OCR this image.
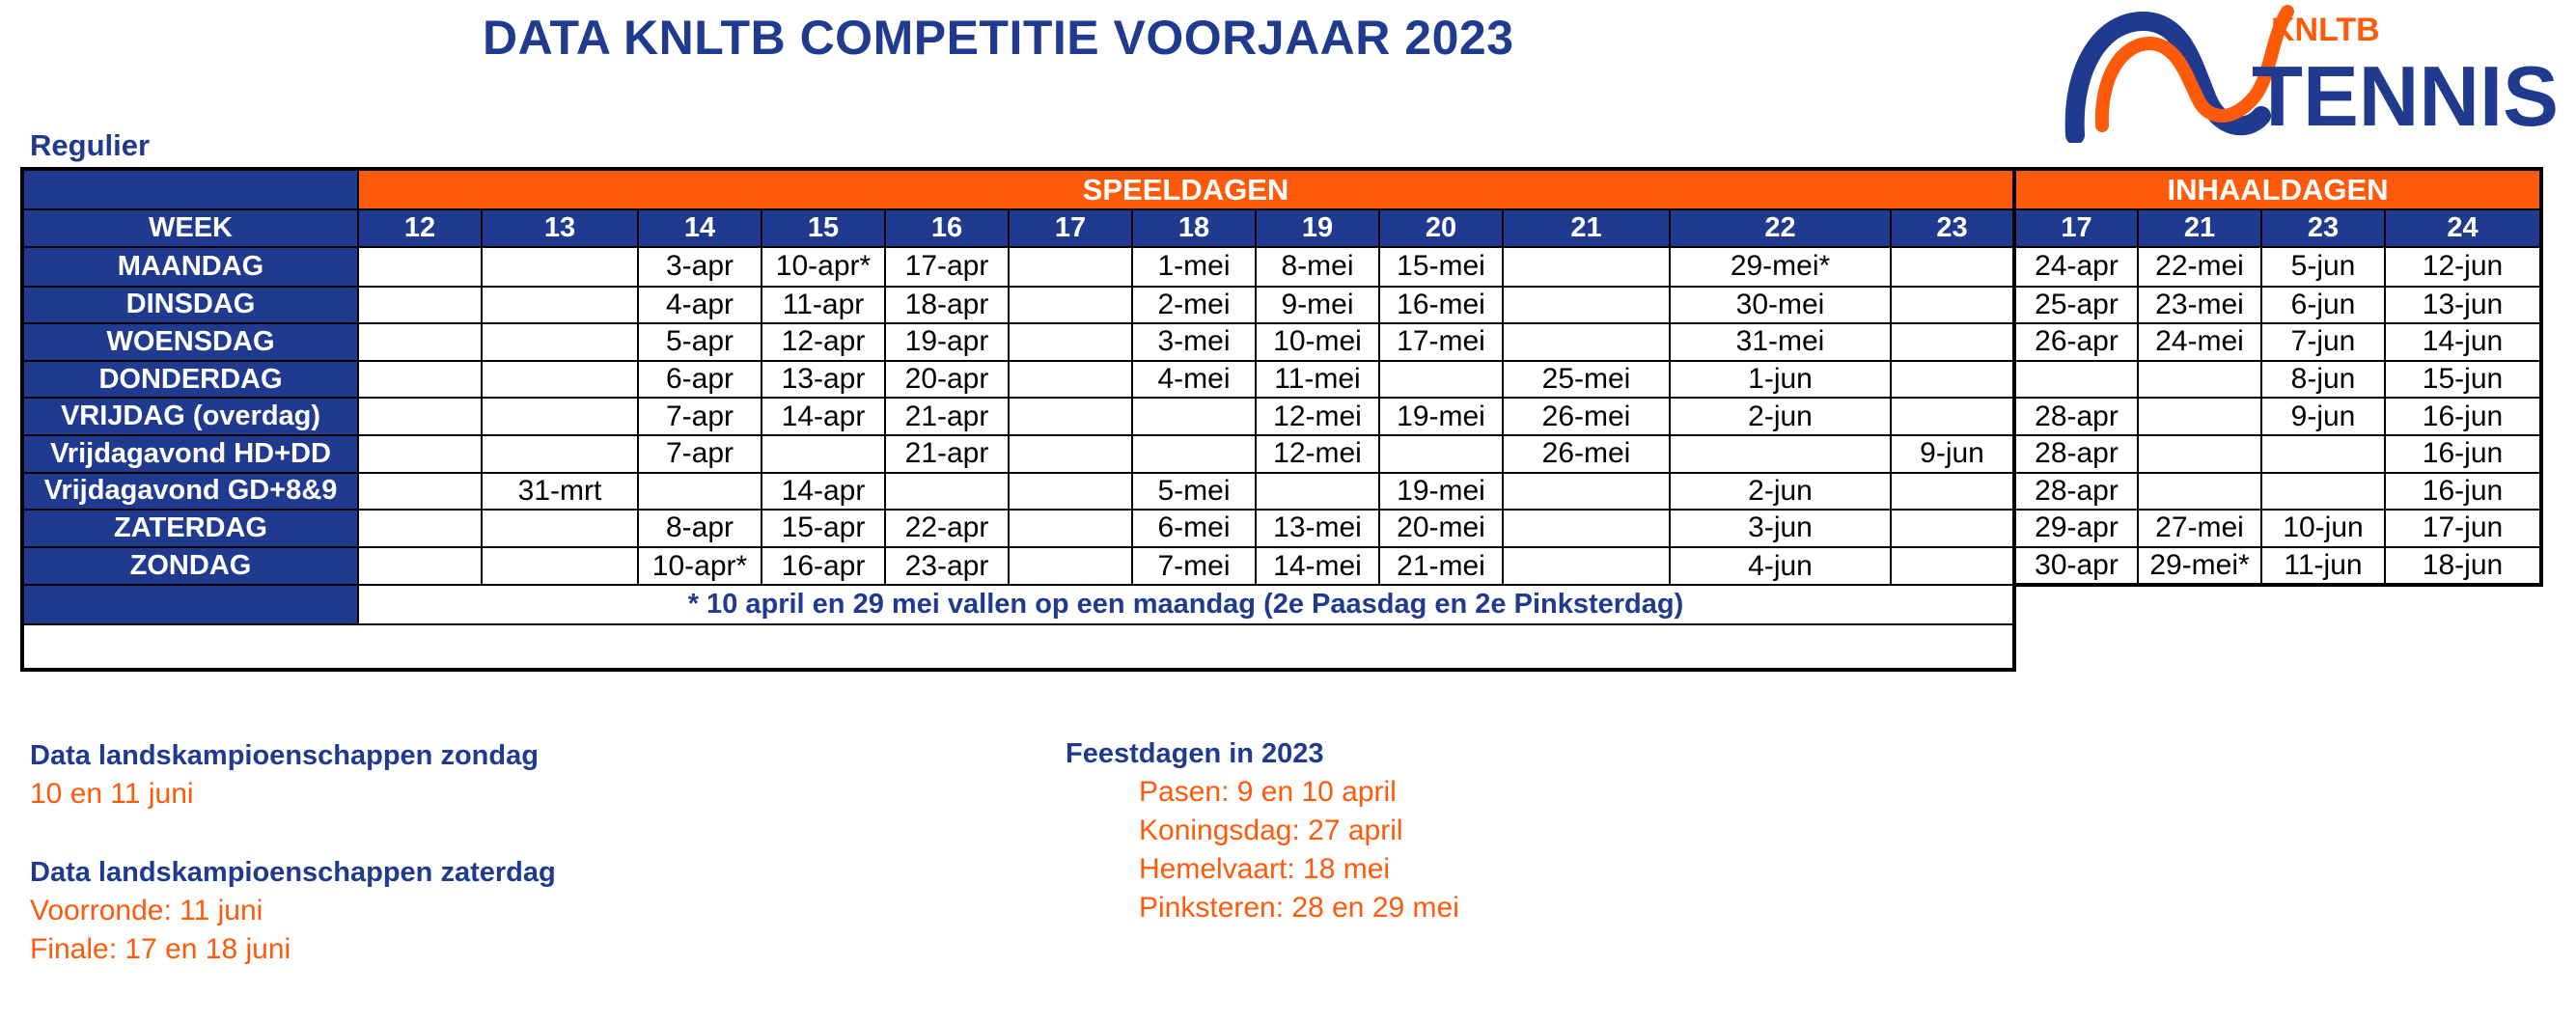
DATA KNLTB COMPETITIE VOORJAAR 2023	KNLTB
TENNIS
Regulier
	SPEELDAGEN												INHAALDAGEN			
WEEK	12	13	14	15	16	17	18	19	20	21	22	23	17	21	23	24
MAANDAG			3-apr	10-apr*	17-apr		1-mei	8-mei	15-mei		29-mei*		24-apr	22-mei	5-jun	12-jun
DINSDAG			4-apr	11-apr	18-apr		2-mei	9-mei	16-mei		30-mei		25-apr	23-mei	6-jun	13-jun
WOENSDAG			5-apr	12-apr	19-apr		3-mei	10-mei	17-mei		31-mei		26-apr	24-mei	7-jun	14-jun
DONDERDAG			6-apr	13-apr	20-apr		4-mei	11-mei		25-mei	1-jun				8-jun	15-jun
VRIJDAG (overdag)			7-apr	14-apr	21-apr			12-mei	19-mei	26-mei	2-jun		28-apr		9-jun	16-jun
Vrijdagavond HD+DD			7-apr		21-apr			12-mei		26-mei		9-jun	28-apr			16-jun
Vrijdagavond GD+8&9		31-mrt		14-apr			5-mei		19-mei		2-jun		28-apr			16-jun
ZATERDAG			8-apr	15-apr	22-apr		6-mei	13-mei	20-mei		3-jun		29-apr	27-mei	10-jun	17-jun
ZONDAG			10-apr*	16-apr	23-apr		7-mei	14-mei	21-mei		4-jun		30-apr	29-mei*	11-jun	18-jun
	* 10 april en 29 mei vallen op een maandag (2e Paasdag en 2e Pinksterdag)															

Data landskampioenschappen zondag
10 en 11 juni
Data landskampioenschappen zaterdag
Voorronde: 11 juni
Finale: 17 en 18 juni
Feestdagen in 2023
Pasen: 9 en 10 april
Koningsdag: 27 april
Hemelvaart: 18 mei
Pinksteren: 28 en 29 mei
